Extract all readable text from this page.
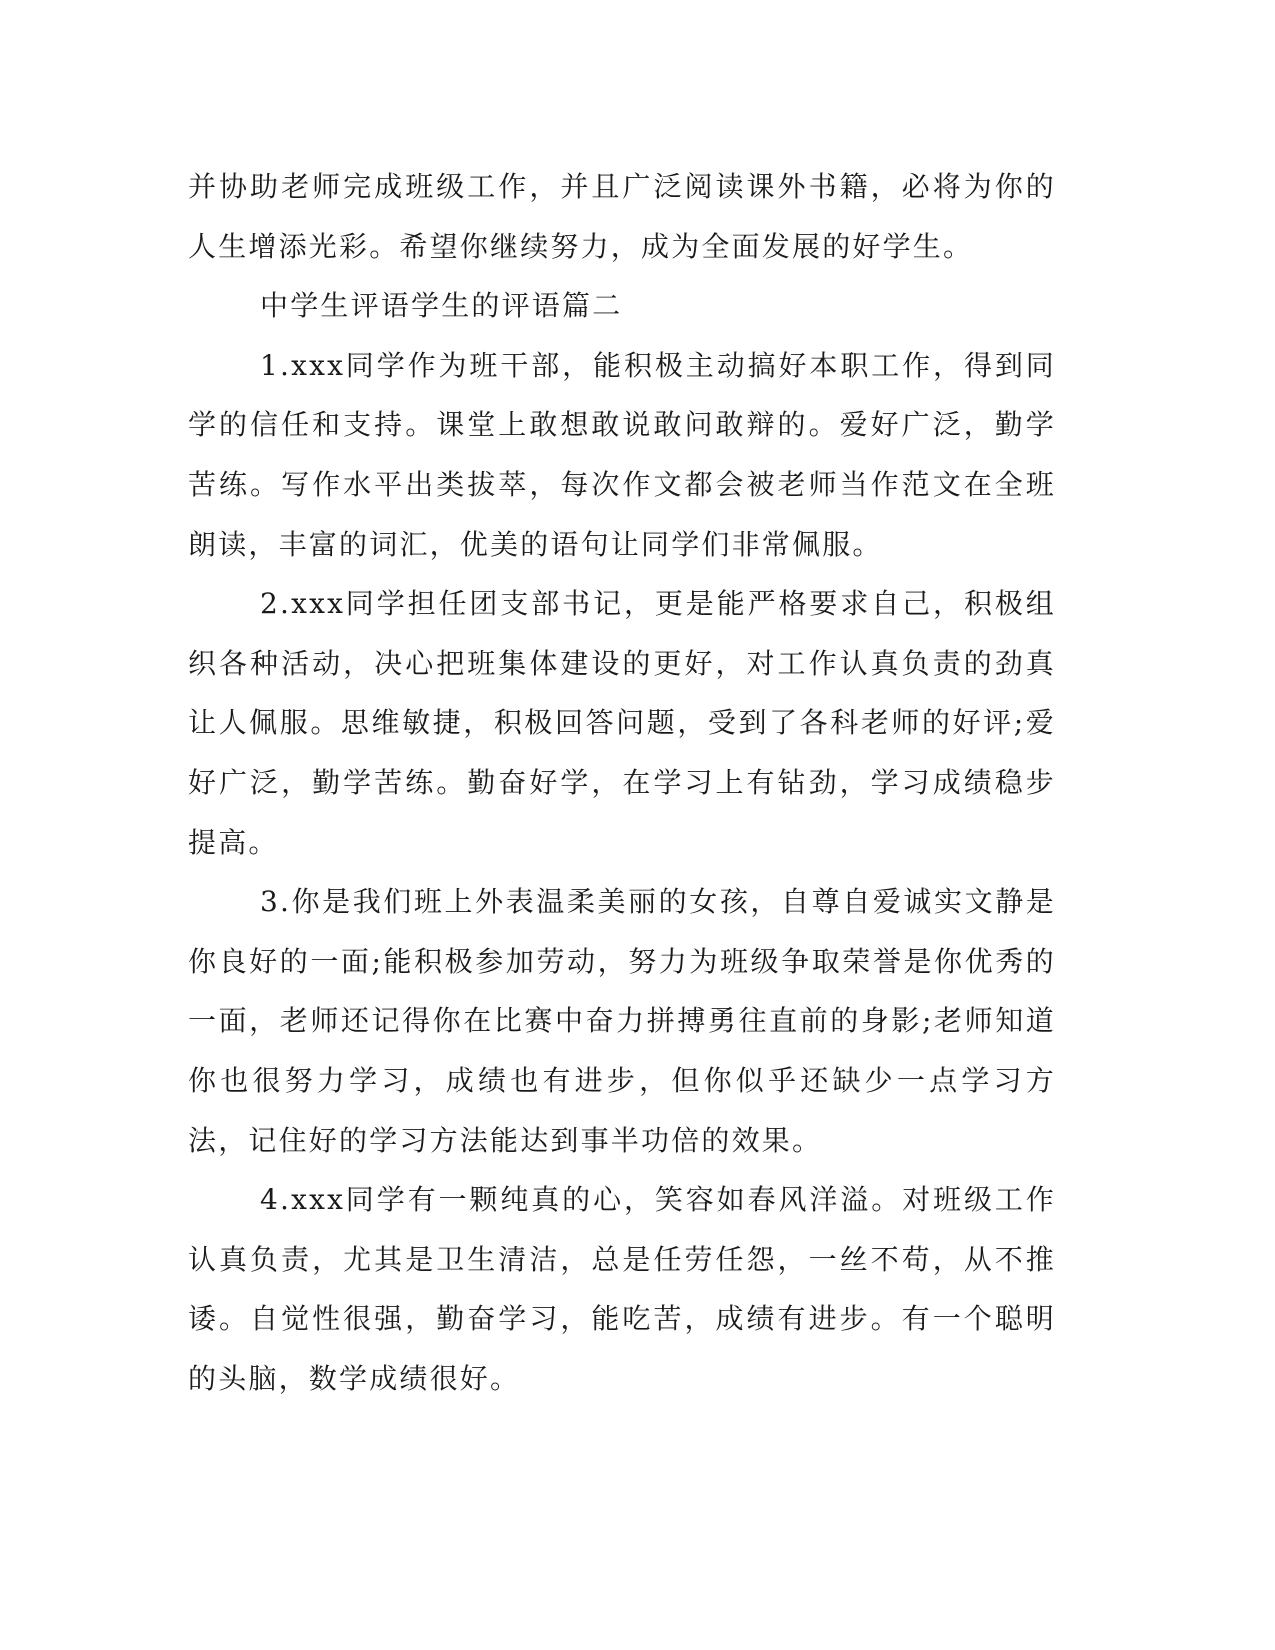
并协助老师完成班级工作，并且广泛阅读课外书籍，必将为你的人生增添光彩。希望你继续努力，成为全面发展的好学生。

中学生评语学生的评语篇二

1.xxx同学作为班干部，能积极主动搞好本职工作，得到同学的信任和支持。课堂上敢想敢说敢问敢辩的。爱好广泛，勤学苦练。写作水平出类拔萃，每次作文都会被老师当作范文在全班朗读，丰富的词汇，优美的语句让同学们非常佩服。

2.xxx同学担任团支部书记，更是能严格要求自己，积极组织各种活动，决心把班集体建设的更好，对工作认真负责的劲真让人佩服。思维敏捷，积极回答问题，受到了各科老师的好评;爱好广泛，勤学苦练。勤奋好学，在学习上有钻劲，学习成绩稳步提高。

3.你是我们班上外表温柔美丽的女孩，自尊自爱诚实文静是你良好的一面;能积极参加劳动，努力为班级争取荣誉是你优秀的一面，老师还记得你在比赛中奋力拼搏勇往直前的身影;老师知道你也很努力学习，成绩也有进步，但你似乎还缺少一点学习方法，记住好的学习方法能达到事半功倍的效果。

4.xxx同学有一颗纯真的心，笑容如春风洋溢。对班级工作认真负责，尤其是卫生清洁，总是任劳任怨，一丝不苟，从不推诿。自觉性很强，勤奋学习，能吃苦，成绩有进步。有一个聪明的头脑，数学成绩很好。
